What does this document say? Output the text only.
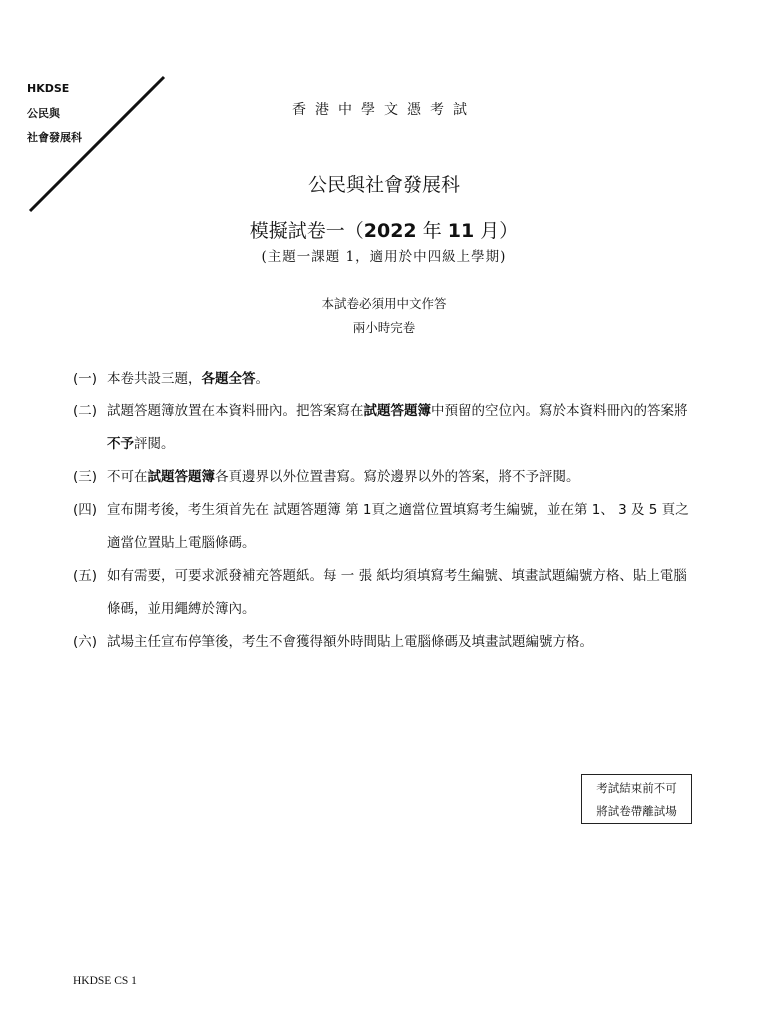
HKDSE
公民與
社會發展科
香港中學文憑考試
公民與社會發展科
模擬試卷一（2022 年 11 月）
(主題一課題 1，適用於中四級上學期)
本試卷必須用中文作答
兩小時完卷
(一) 本卷共設三題，各題全答。
(二) 試題答題簿放置在本資料冊內。把答案寫在試題答題簿中預留的空位內。寫於本資料冊內的答案將不予評閱。
(三) 不可在試題答題簿各頁邊界以外位置書寫。寫於邊界以外的答案，將不予評閱。
(四) 宣布開考後，考生須首先在 試題答題簿 第 1頁之適當位置填寫考生編號，並在第 1、 3 及 5 頁之適當位置貼上電腦條碼。
(五) 如有需要，可要求派發補充答題紙。每 一 張 紙均須填寫考生編號、填畫試題編號方格、貼上電腦條碼，並用繩縛於簿內。
(六) 試場主任宣布停筆後，考生不會獲得額外時間貼上電腦條碼及填畫試題編號方格。
考試結束前不可
將試卷帶離試場
HKDSE CS 1
